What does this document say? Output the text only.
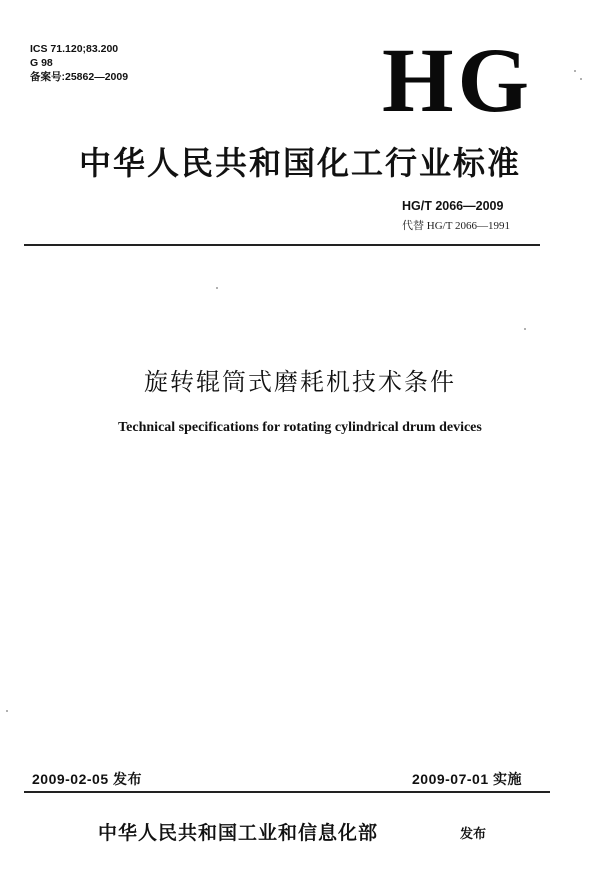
ICS 71.120;83.200
G 98
备案号:25862—2009	HG
中华人民共和国化工行业标准
HG/T 2066—2009
代替 HG/T 2066—1991
旋转辊筒式磨耗机技术条件
Technical specifications for rotating cylindrical drum devices
2009-02-05 发布	2009-07-01 实施
中华人民共和国工业和信息化部	发布
